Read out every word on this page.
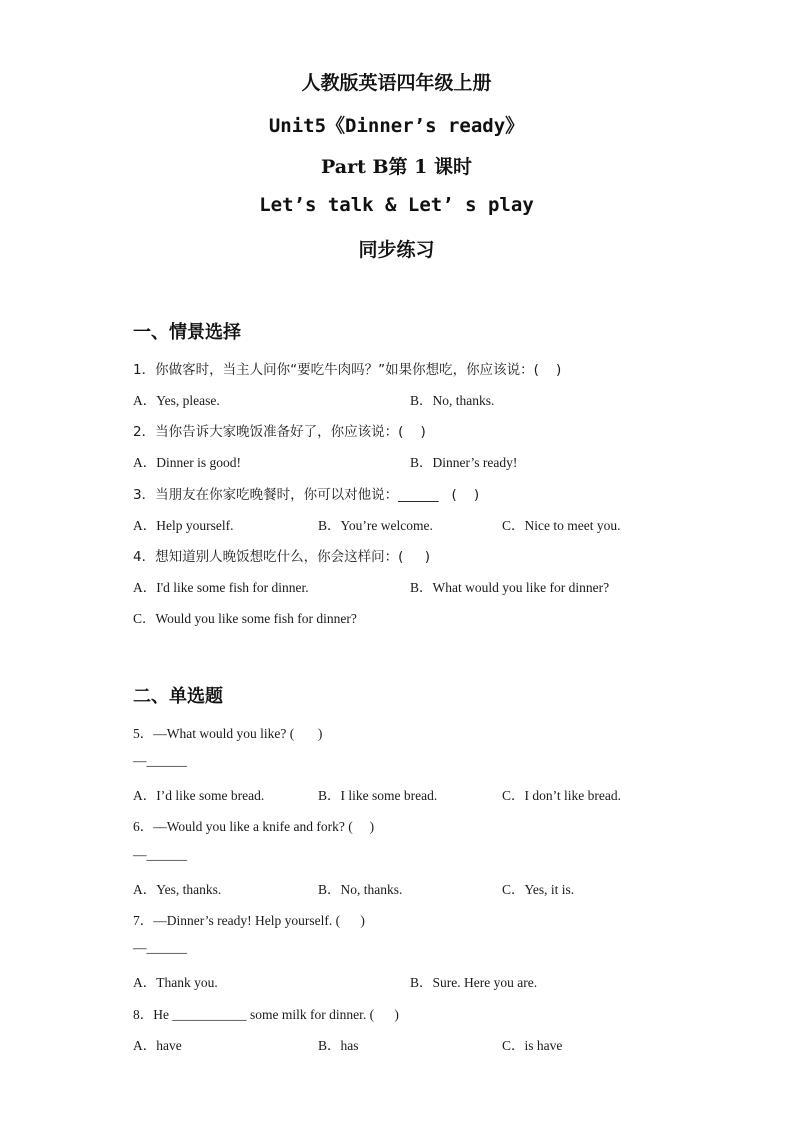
人教版英语四年级上册
Unit5《Dinner’s ready》
Part B第 1 课时
Let’s talk & Let’ s play
同步练习
一、情景选择
1．你做客时，当主人问你“要吃牛肉吗？”如果你想吃，你应该说：(    )
A．Yes, please.	B．No, thanks.
2．当你告诉大家晚饭准备好了，你应该说：(    )
A．Dinner is good!	B．Dinner’s ready!
3．当朋友在你家吃晚餐时，你可以对他说：______   (    )
A．Help yourself.	B．You’re welcome.	C．Nice to meet you.
4．想知道别人晚饭想吃什么，你会这样问：(     )
A．I'd like some fish for dinner.	B．What would you like for dinner?
C．Would you like some fish for dinner?
二、单选题
5．—What would you like? (       )
—______
A．I’d like some bread.	B．I like some bread.	C．I don’t like bread.
6．—Would you like a knife and fork? (     )
—______
A．Yes, thanks.	B．No, thanks.	C．Yes, it is.
7．—Dinner’s ready! Help yourself. (      )
—______
A．Thank you.	B．Sure. Here you are.
8．He ___________ some milk for dinner. (      )
A．have	B．has	C．is have
